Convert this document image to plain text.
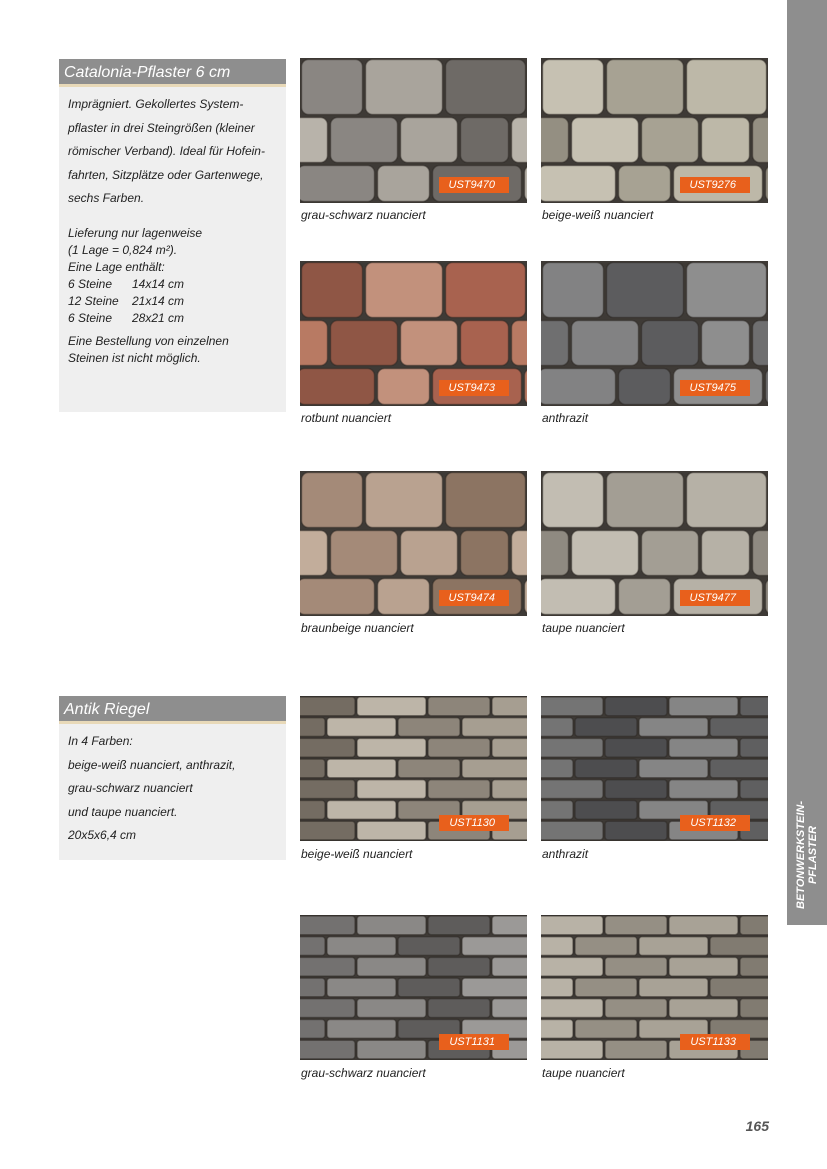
Catalonia-Pflaster 6 cm
Imprägniert. Gekollertes System-
pflaster in drei Steingrößen (kleiner
römischer Verband). Ideal für Hofein-
fahrten, Sitzplätze oder Gartenwege,
sechs Farben.
Lieferung nur lagenweise
(1 Lage = 0,824 m²).
Eine Lage enthält:
6 Steine	14x14 cm
12 Steine	21x14 cm
6 Steine	28x21 cm
Eine Bestellung von einzelnen
Steinen ist nicht möglich.
Antik Riegel
In 4 Farben:
beige-weiß nuanciert, anthrazit,
grau-schwarz nuanciert
und taupe nuanciert.
20x5x6,4 cm
UST9470	UST9276
grau-schwarz nuanciert	beige-weiß nuanciert
UST9473	UST9475
rotbunt nuanciert	anthrazit
UST9474	UST9477
braunbeige nuanciert	taupe nuanciert
UST1130	UST1132
beige-weiß nuanciert	anthrazit
UST1131	UST1133
grau-schwarz nuanciert	taupe nuanciert
BETONWERKSTEIN- PFLASTER
165
